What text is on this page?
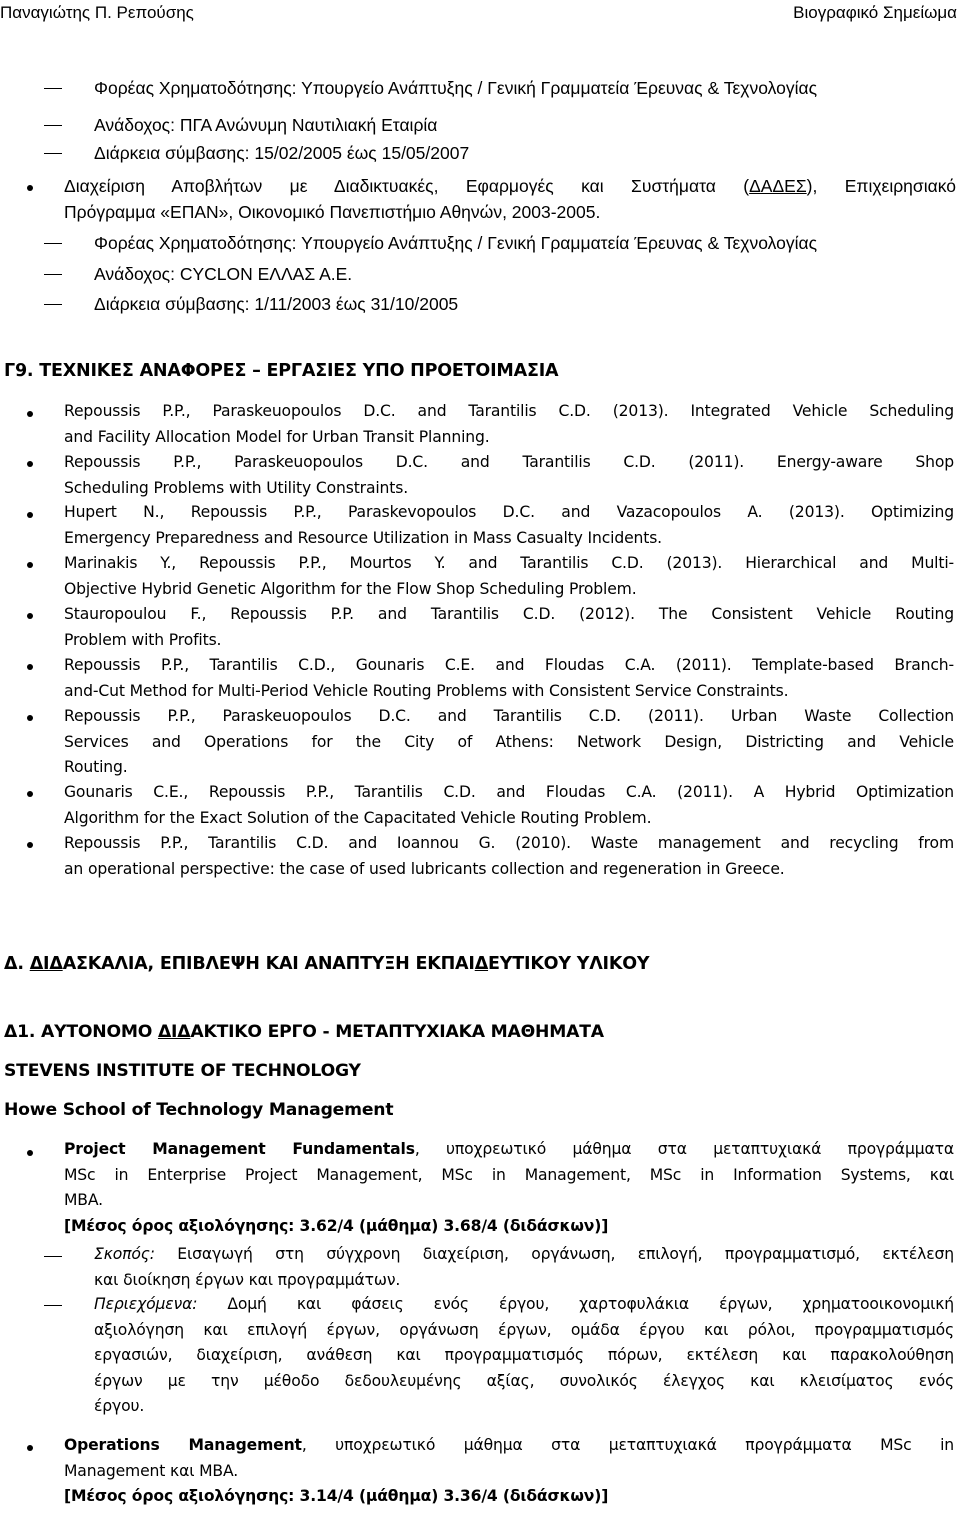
Παναγιώτης Π. Ρεπούσης	Βιογραφικό Σημείωμα
Φορέας Χρηματοδότησης: Υπουργείο Ανάπτυξης / Γενική Γραμματεία Έρευνας & Τεχνολογίας
Ανάδοχος: ΠΓΑ Ανώνυμη Ναυτιλιακή Εταιρία
Διάρκεια σύμβασης: 15/02/2005 έως 15/05/2007
Διαχείριση Αποβλήτων με Διαδικτυακές, Εφαρμογές και Συστήματα (ΔΑΔΕΣ), Επιχειρησιακό
Πρόγραμμα «ΕΠΑΝ», Οικονομικό Πανεπιστήμιο Αθηνών, 2003-2005.
Φορέας Χρηματοδότησης: Υπουργείο Ανάπτυξης / Γενική Γραμματεία Έρευνας & Τεχνολογίας
Ανάδοχος: CYCLON ΕΛΛΑΣ Α.Ε.
Διάρκεια σύμβασης: 1/11/2003 έως 31/10/2005
Γ9. ΤΕΧΝΙΚΕΣ ΑΝΑΦΟΡΕΣ – ΕΡΓΑΣΙΕΣ ΥΠΟ ΠΡΟΕΤΟΙΜΑΣΙΑ
Repoussis P.P., Paraskeuopoulos D.C. and Tarantilis C.D. (2013). Integrated Vehicle Scheduling
and Facility Allocation Model for Urban Transit Planning.
Repoussis P.P., Paraskeuopoulos D.C. and Tarantilis C.D. (2011). Energy-aware Shop
Scheduling Problems with Utility Constraints.
Hupert N., Repoussis P.P., Paraskevopoulos D.C. and Vazacopoulos A. (2013). Optimizing
Emergency Preparedness and Resource Utilization in Mass Casualty Incidents.
Marinakis Y., Repoussis P.P., Mourtos Y. and Tarantilis C.D. (2013). Hierarchical and Multi-
Objective Hybrid Genetic Algorithm for the Flow Shop Scheduling Problem.
Stauropoulou F., Repoussis P.P. and Tarantilis C.D. (2012). The Consistent Vehicle Routing
Problem with Profits.
Repoussis P.P., Tarantilis C.D., Gounaris C.E. and Floudas C.A. (2011). Template-based Branch-
and-Cut Method for Multi-Period Vehicle Routing Problems with Consistent Service Constraints.
Repoussis P.P., Paraskeuopoulos D.C. and Tarantilis C.D. (2011). Urban Waste Collection
Services and Operations for the City of Athens: Network Design, Districting and Vehicle
Routing.
Gounaris C.E., Repoussis P.P., Tarantilis C.D. and Floudas C.A. (2011). A Hybrid Optimization
Algorithm for the Exact Solution of the Capacitated Vehicle Routing Problem.
Repoussis P.P., Tarantilis C.D. and Ioannou G. (2010). Waste management and recycling from
an operational perspective: the case of used lubricants collection and regeneration in Greece.
Δ. ΔΙΔΑΣΚΑΛΙΑ, ΕΠΙΒΛΕΨΗ ΚΑΙ ΑΝΑΠΤΥΞΗ ΕΚΠΑΙΔΕΥΤΙΚΟΥ ΥΛΙΚΟΥ
Δ1. ΑΥΤΟΝΟΜΟ ΔΙΔΑΚΤΙΚΟ ΕΡΓΟ - ΜΕΤΑΠΤΥΧΙΑΚΑ ΜΑΘΗΜΑΤΑ
STEVENS INSTITUTE OF TECHNOLOGY
Howe School of Technology Management
Project Management Fundamentals, υποχρεωτικό μάθημα στα μεταπτυχιακά προγράμματα
MSc in Enterprise Project Management, MSc in Management, MSc in Information Systems, και
MBA.
[Μέσος όρος αξιολόγησης: 3.62/4 (μάθημα) 3.68/4 (διδάσκων)]
Σκοπός: Εισαγωγή στη σύγχρονη διαχείριση, οργάνωση, επιλογή, προγραμματισμό, εκτέλεση
και διοίκηση έργων και προγραμμάτων.
Περιεχόμενα: Δομή και φάσεις ενός έργου, χαρτοφυλάκια έργων, χρηματοοικονομική
αξιολόγηση και επιλογή έργων, οργάνωση έργων, ομάδα έργου και ρόλοι, προγραμματισμός
εργασιών, διαχείριση, ανάθεση και προγραμματισμός πόρων, εκτέλεση και παρακολούθηση
έργων με την μέθοδο δεδουλευμένης αξίας, συνολικός έλεγχος και κλεισίματος ενός
έργου.
Operations Management, υποχρεωτικό μάθημα στα μεταπτυχιακά προγράμματα MSc in
Management και MBA.
[Μέσος όρος αξιολόγησης: 3.14/4 (μάθημα) 3.36/4 (διδάσκων)]
